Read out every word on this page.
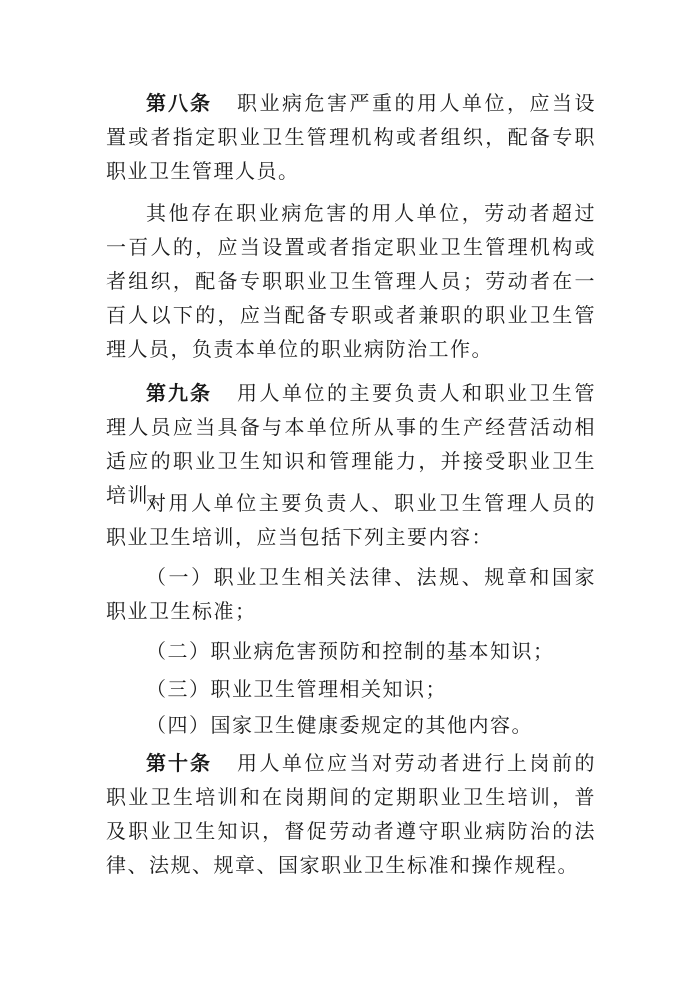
第八条 职业病危害严重的用人单位，应当设置或者指定职业卫生管理机构或者组织，配备专职职业卫生管理人员。

其他存在职业病危害的用人单位，劳动者超过一百人的，应当设置或者指定职业卫生管理机构或者组织，配备专职职业卫生管理人员；劳动者在一百人以下的，应当配备专职或者兼职的职业卫生管理人员，负责本单位的职业病防治工作。

第九条 用人单位的主要负责人和职业卫生管理人员应当具备与本单位所从事的生产经营活动相适应的职业卫生知识和管理能力，并接受职业卫生培训。

对用人单位主要负责人、职业卫生管理人员的职业卫生培训，应当包括下列主要内容：

（一）职业卫生相关法律、法规、规章和国家职业卫生标准；

（二）职业病危害预防和控制的基本知识；

（三）职业卫生管理相关知识；

（四）国家卫生健康委规定的其他内容。

第十条 用人单位应当对劳动者进行上岗前的职业卫生培训和在岗期间的定期职业卫生培训，普及职业卫生知识，督促劳动者遵守职业病防治的法律、法规、规章、国家职业卫生标准和操作规程。
